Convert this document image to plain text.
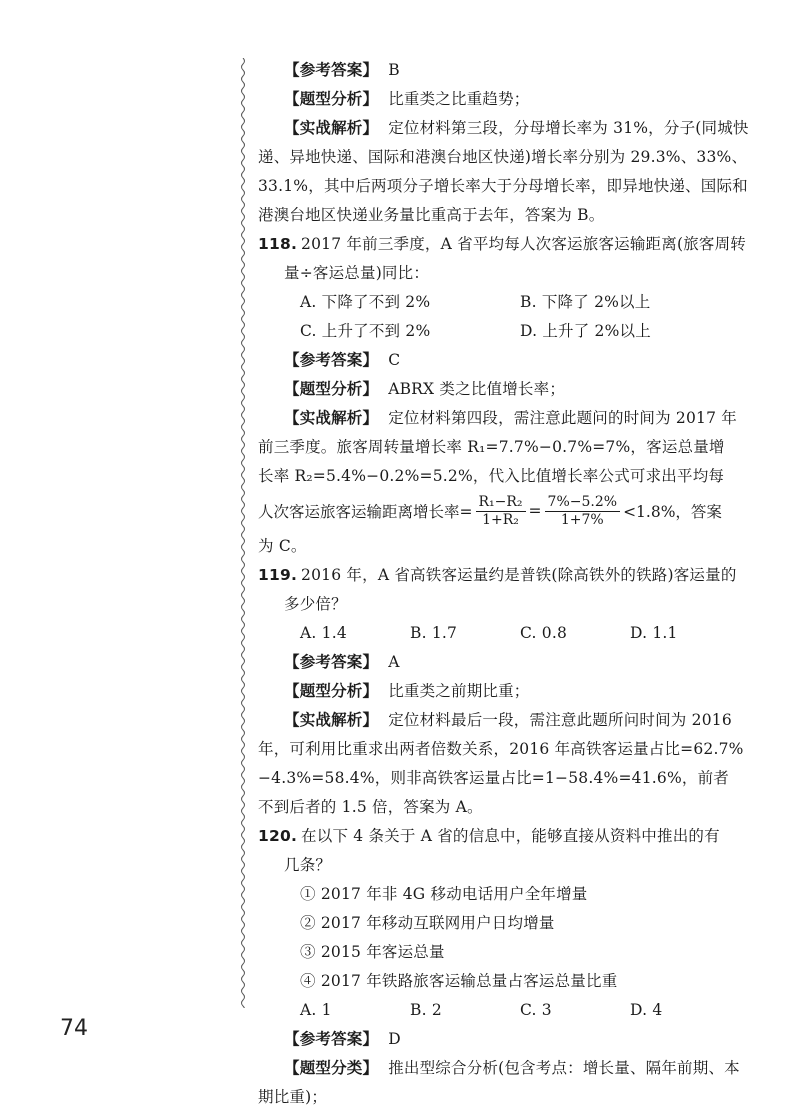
【参考答案】 B
【题型分析】 比重类之比重趋势；
【实战解析】 定位材料第三段，分母增长率为 31%，分子(同城快
递、异地快递、国际和港澳台地区快递)增长率分别为 29.3%、33%、
33.1%，其中后两项分子增长率大于分母增长率，即异地快递、国际和
港澳台地区快递业务量比重高于去年，答案为 B。
118. 2017 年前三季度，A 省平均每人次客运旅客运输距离(旅客周转
量÷客运总量)同比：
A. 下降了不到 2%	B. 下降了 2%以上
C. 上升了不到 2%	D. 上升了 2%以上
【参考答案】 C
【题型分析】 ABRX 类之比值增长率；
【实战解析】 定位材料第四段，需注意此题问的时间为 2017 年
前三季度。旅客周转量增长率 R₁=7.7%−0.7%=7%，客运总量增
长率 R₂=5.4%−0.2%=5.2%，代入比值增长率公式可求出平均每
人次客运旅客运输距离增长率= $\frac{\text{R₁−R₂}}{\text{1+R₂}} = \frac{7\%-5.2\%}{1+7\%} <1.8\%$，答案
为 C。
119. 2016 年，A 省高铁客运量约是普铁(除高铁外的铁路)客运量的
多少倍？
A. 1.4	B. 1.7	C. 0.8	D. 1.1
【参考答案】 A
【题型分析】 比重类之前期比重；
【实战解析】 定位材料最后一段，需注意此题所问时间为 2016
年，可利用比重求出两者倍数关系，2016 年高铁客运量占比=62.7%
−4.3%=58.4%，则非高铁客运量占比=1−58.4%=41.6%，前者
不到后者的 1.5 倍，答案为 A。
120. 在以下 4 条关于 A 省的信息中，能够直接从资料中推出的有
几条？
① 2017 年非 4G 移动电话用户全年增量
② 2017 年移动互联网用户日均增量
③ 2015 年客运总量
④ 2017 年铁路旅客运输总量占客运总量比重
A. 1	B. 2	C. 3	D. 4
【参考答案】 D
【题型分类】 推出型综合分析(包含考点：增长量、隔年前期、本
期比重)；
74
